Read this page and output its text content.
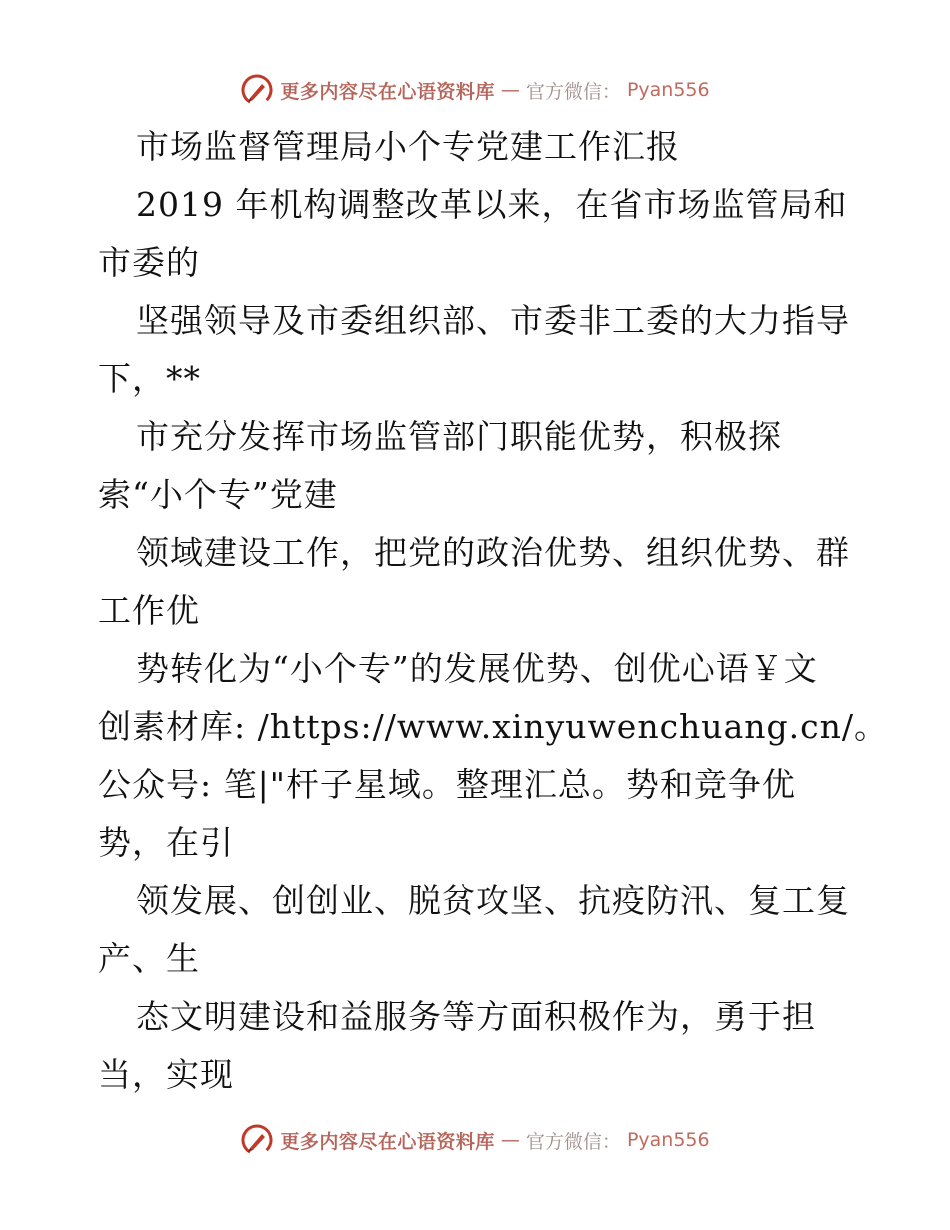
更多内容尽在心语资料库 — 官方微信： Pyan556
市场监督管理局小个专党建工作汇报
2019 年机构调整改革以来，在省市场监管局和
市委的
坚强领导及市委组织部、市委非工委的大力指导
下，**
市充分发挥市场监管部门职能优势，积极探
索“小个专”党建
领域建设工作，把党的政治优势、组织优势、群
工作优
势转化为“小个专”的发展优势、创优心语￥文
创素材库: /https://www.xinyuwenchuang.cn/。
公众号: 笔|"杆子星域。整理汇总。势和竞争优
势，在引
领发展、创创业、脱贫攻坚、抗疫防汛、复工复
产、生
态文明建设和益服务等方面积极作为，勇于担
当，实现
更多内容尽在心语资料库 — 官方微信： Pyan556
